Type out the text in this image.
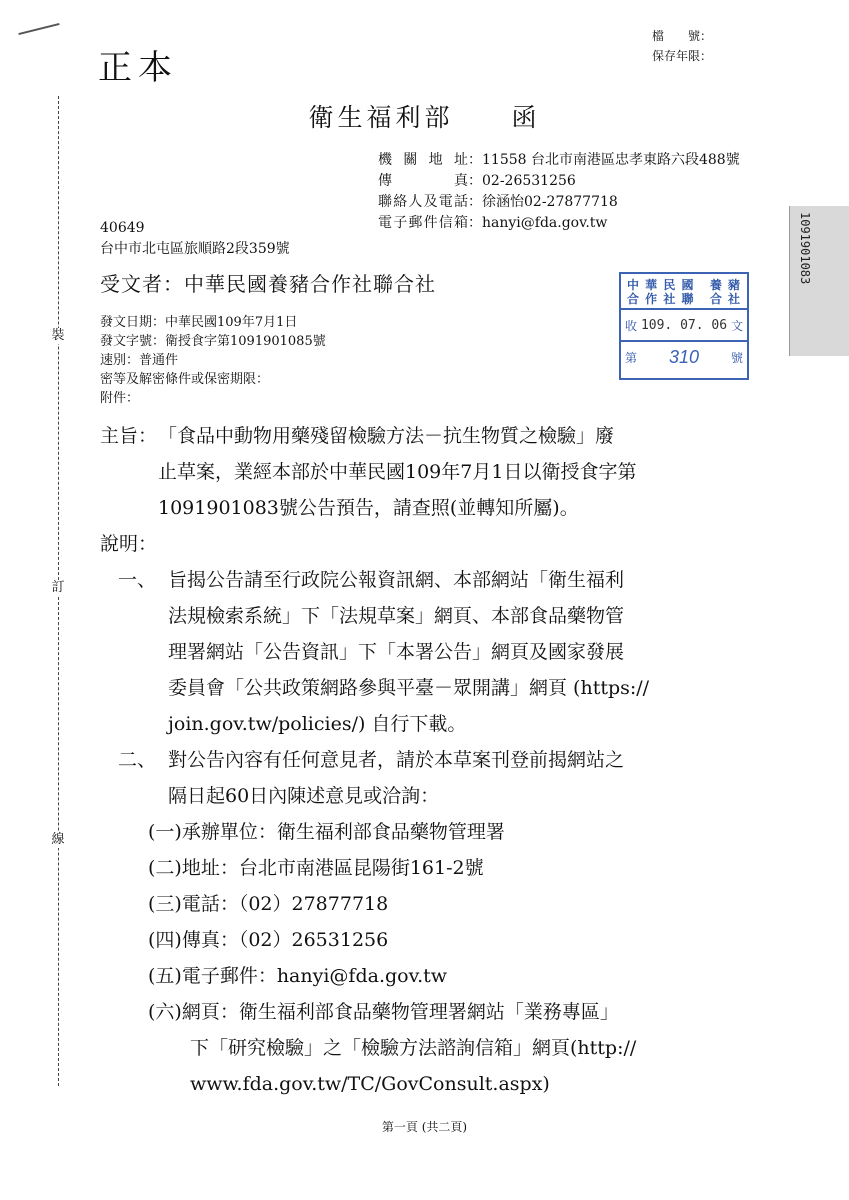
正本
檔　　號：
保存年限：
衛生福利部　　函
機關地址：11558 台北市南港區忠孝東路六段488號
傳　　真：02-26531256
聯絡人及電話：徐涵怡02-27877718
電子郵件信箱：hanyi@fda.gov.tw
40649
台中市北屯區旅順路2段359號
受文者：中華民國養豬合作社聯合社
發文日期：中華民國109年7月1日
發文字號：衛授食字第1091901085號
速別：普通件
密等及解密條件或保密期限：
附件：
中 華 民 國
合 作 社 聯
養 豬
合 社
收 109. 07. 06 文
第 310	號
1091901083
裝
訂
線
主旨： 「食品中動物用藥殘留檢驗方法－抗生物質之檢驗」廢
止草案，業經本部於中華民國109年7月1日以衛授食字第
1091901083號公告預告，請查照(並轉知所屬)。
說明：
一、 旨揭公告請至行政院公報資訊網、本部網站「衛生福利
法規檢索系統」下「法規草案」網頁、本部食品藥物管
理署網站「公告資訊」下「本署公告」網頁及國家發展
委員會「公共政策網路參與平臺－眾開講」網頁 (https://
join.gov.tw/policies/) 自行下載。
二、 對公告內容有任何意見者，請於本草案刊登前揭網站之
隔日起60日內陳述意見或洽詢：
(一)承辦單位：衛生福利部食品藥物管理署
(二)地址：台北市南港區昆陽街161-2號
(三)電話：（02）27877718
(四)傳真：（02）26531256
(五)電子郵件：hanyi@fda.gov.tw
(六)網頁：衛生福利部食品藥物管理署網站「業務專區」
下「研究檢驗」之「檢驗方法諮詢信箱」網頁(http://
www.fda.gov.tw/TC/GovConsult.aspx)
第一頁 (共二頁)
